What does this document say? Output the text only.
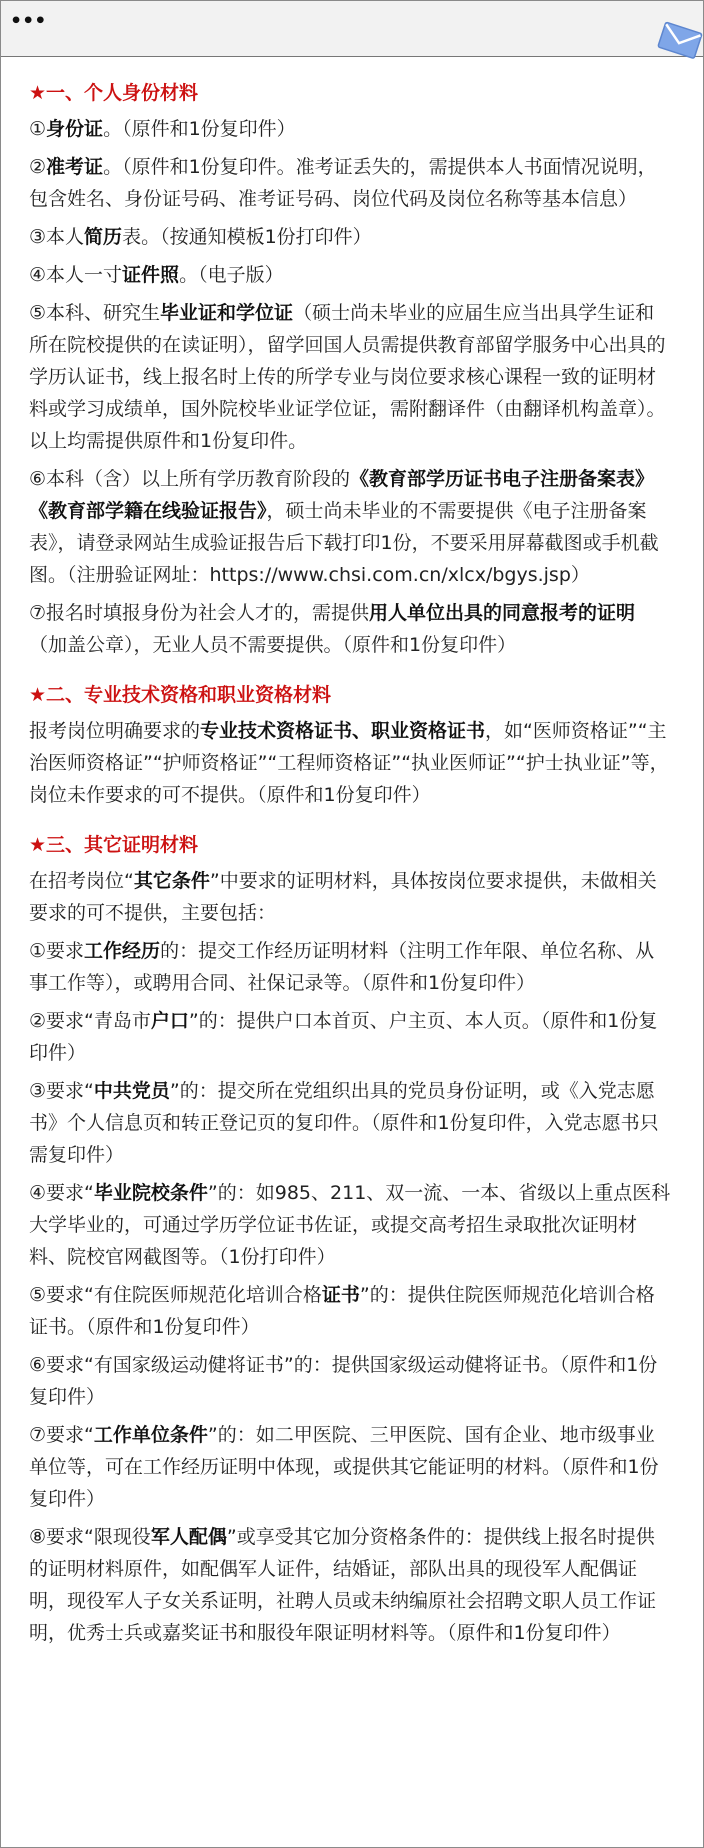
•••
★一、个人身份材料
①身份证。（原件和1份复印件）
②准考证。（原件和1份复印件。准考证丢失的，需提供本人书面情况说明，包含姓名、身份证号码、准考证号码、岗位代码及岗位名称等基本信息）
③本人简历表。（按通知模板1份打印件）
④本人一寸证件照。（电子版）
⑤本科、研究生毕业证和学位证（硕士尚未毕业的应届生应当出具学生证和所在院校提供的在读证明），留学回国人员需提供教育部留学服务中心出具的学历认证书，线上报名时上传的所学专业与岗位要求核心课程一致的证明材料或学习成绩单，国外院校毕业证学位证，需附翻译件（由翻译机构盖章）。以上均需提供原件和1份复印件。
⑥本科（含）以上所有学历教育阶段的《教育部学历证书电子注册备案表》《教育部学籍在线验证报告》，硕士尚未毕业的不需要提供《电子注册备案表》，请登录网站生成验证报告后下载打印1份，不要采用屏幕截图或手机截图。（注册验证网址：https://www.chsi.com.cn/xlcx/bgys.jsp）
⑦报名时填报身份为社会人才的，需提供用人单位出具的同意报考的证明（加盖公章），无业人员不需要提供。（原件和1份复印件）
★二、专业技术资格和职业资格材料
报考岗位明确要求的专业技术资格证书、职业资格证书，如“医师资格证”“主治医师资格证”“护师资格证”“工程师资格证”“执业医师证”“护士执业证”等，岗位未作要求的可不提供。（原件和1份复印件）
★三、其它证明材料
在招考岗位“其它条件”中要求的证明材料，具体按岗位要求提供，未做相关要求的可不提供，主要包括：
①要求工作经历的：提交工作经历证明材料（注明工作年限、单位名称、从事工作等），或聘用合同、社保记录等。（原件和1份复印件）
②要求“青岛市户口”的：提供户口本首页、户主页、本人页。（原件和1份复印件）
③要求“中共党员”的：提交所在党组织出具的党员身份证明，或《入党志愿书》个人信息页和转正登记页的复印件。（原件和1份复印件，入党志愿书只需复印件）
④要求“毕业院校条件”的：如985、211、双一流、一本、省级以上重点医科大学毕业的，可通过学历学位证书佐证，或提交高考招生录取批次证明材料、院校官网截图等。（1份打印件）
⑤要求“有住院医师规范化培训合格证书”的：提供住院医师规范化培训合格证书。（原件和1份复印件）
⑥要求“有国家级运动健将证书”的：提供国家级运动健将证书。（原件和1份复印件）
⑦要求“工作单位条件”的：如二甲医院、三甲医院、国有企业、地市级事业单位等，可在工作经历证明中体现，或提供其它能证明的材料。（原件和1份复印件）
⑧要求“限现役军人配偶”或享受其它加分资格条件的：提供线上报名时提供的证明材料原件，如配偶军人证件，结婚证，部队出具的现役军人配偶证明，现役军人子女关系证明，社聘人员或未纳编原社会招聘文职人员工作证明，优秀士兵或嘉奖证书和服役年限证明材料等。（原件和1份复印件）
